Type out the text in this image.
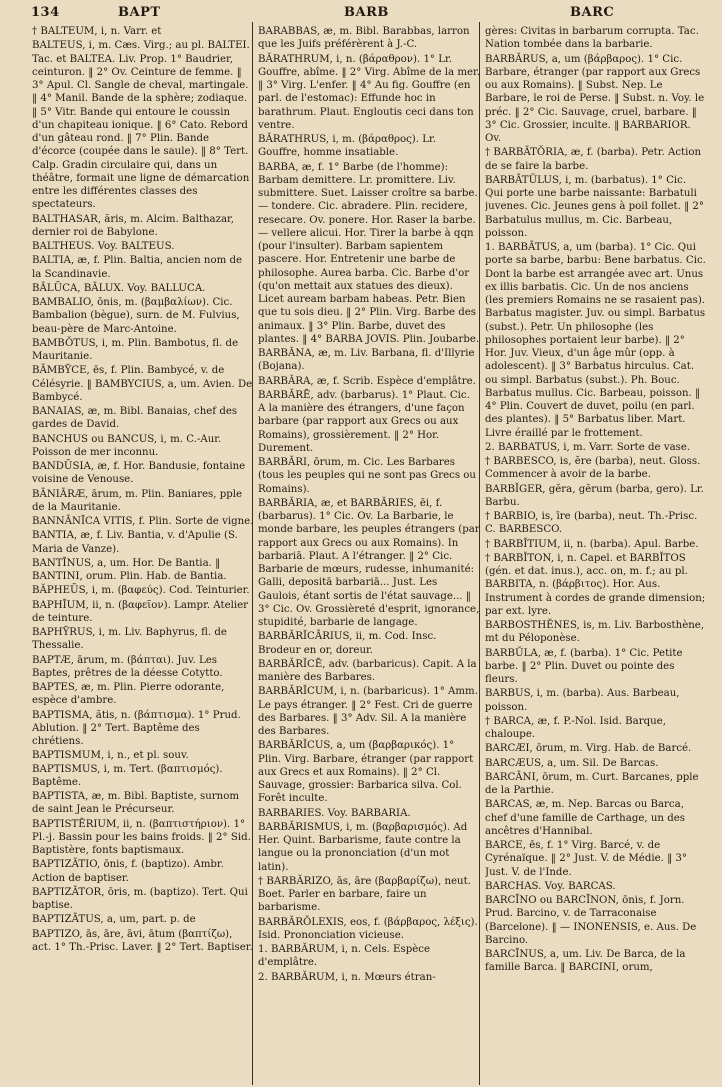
134	BAPT	BARB	BARC

† BALTEUM, i, n. Varr. et

BALTEUS, i, m. Cæs. Virg.; au pl. BALTEI. Tac. et BALTEA. Liv. Prop. 1° Baudrier, ceinturon. ‖ 2° Ov. Ceinture de femme. ‖ 3° Apul. Cl. Sangle de cheval, martingale. ‖ 4° Manil. Bande de la sphère; zodiaque. ‖ 5° Vitr. Bande qui entoure le coussin d'un chapiteau ionique. ‖ 6° Cato. Rebord d'un gâteau rond. ‖ 7° Plin. Bande d'écorce (coupée dans le saule). ‖ 8° Tert. Calp. Gradin circulaire qui, dans un théâtre, formait une ligne de démarcation entre les différentes classes des spectateurs.

BALTHASAR, ăris, m. Alcim. Balthazar, dernier roi de Babylone.

BALTHEUS. Voy. BALTEUS.

BALTIA, æ, f. Plin. Baltia, ancien nom de la Scandinavie.

BĀLŪCA, BĀLUX. Voy. BALLUCA.

BAMBALIO, ōnis, m. (βαμβαλίων). Cic. Bambalion (bègue), surn. de M. Fulvius, beau-père de Marc-Antoine.

BAMBŎTUS, i, m. Plin. Bambotus, fl. de Mauritanie.

BĀMBȲCE, ēs, f. Plin. Bambycé, v. de Célésyrie. ‖ BAMBYCIUS, a, um. Avien. De Bambycé.

BANAIAS, æ, m. Bibl. Banaias, chef des gardes de David.

BANCHUS ou BANCUS, i, m. C.-Aur. Poisson de mer inconnu.

BANDŪSIA, æ, f. Hor. Bandusie, fontaine voisine de Venouse.

BĀNIĀRÆ, ārum, m. Plin. Baniares, pple de la Mauritanie.

BANNĀNĪCA VITIS, f. Plin. Sorte de vigne.

BANTIA, æ, f. Liv. Bantia, v. d'Apulie (S. Maria de Vanze).

BANTĪNUS, a, um. Hor. De Bantia. ‖ BANTINI, orum. Plin. Hab. de Bantia.

BĂPHEŪS, i, m. (βαφεύς). Cod. Teinturier.

BAPHĪUM, ii, n. (βαφεῖον). Lampr. Atelier de teinture.

BAPHȲRUS, i, m. Liv. Baphyrus, fl. de Thessalie.

BAPTÆ, ārum, m. (βάπται). Juv. Les Baptes, prêtres de la déesse Cotytto.

BAPTES, æ, m. Plin. Pierre odorante, espèce d'ambre.

BAPTISMA, ătis, n. (βάπτισμα). 1° Prud. Ablution. ‖ 2° Tert. Baptême des chrétiens.

BAPTISMUM, i, n., et pl. souv. BAPTISMUS, i, m. Tert. (βαπτισμός). Baptême.

BAPTISTA, æ, m. Bibl. Baptiste, surnom de saint Jean le Précurseur.

BAPTISTĒRIUM, ii, n. (βαπτιστήριον). 1° Pl.-j. Bassin pour les bains froids. ‖ 2° Sid. Baptistère, fonts baptismaux.

BAPTIZĀTIO, ōnis, f. (baptizo). Ambr. Action de baptiser.

BAPTIZĀTOR, ōris, m. (baptizo). Tert. Qui baptise.

BAPTIZĀTUS, a, um, part. p. de

BAPTIZO, ās, āre, āvi, ātum (βαπτίζω), act. 1° Th.-Prisc. Laver. ‖ 2° Tert. Baptiser.

BARABBAS, æ, m. Bibl. Barabbas, larron que les Juifs préférèrent à J.-C.

BĂRATHRUM, i, n. (βάραθρον). 1° Lr. Gouffre, abîme. ‖ 2° Virg. Abîme de la mer. ‖ 3° Virg. L'enfer. ‖ 4° Au fig. Gouffre (en parl. de l'estomac): Effunde hoc in barathrum. Plaut. Engloutis ceci dans ton ventre.

BĂRATHRUS, i, m. (βάραθρος). Lr. Gouffre, homme insatiable.

BARBA, æ, f. 1° Barbe (de l'homme): Barbam demittere. Lr. promittere. Liv. submittere. Suet. Laisser croître sa barbe. — tondere. Cic. abradere. Plin. recidere, resecare. Ov. ponere. Hor. Raser la barbe. — vellere alicui. Hor. Tirer la barbe à qqn (pour l'insulter). Barbam sapientem pascere. Hor. Entretenir une barbe de philosophe. Aurea barba. Cic. Barbe d'or (qu'on mettait aux statues des dieux). Licet auream barbam habeas. Petr. Bien que tu sois dieu. ‖ 2° Plin. Virg. Barbe des animaux. ‖ 3° Plin. Barbe, duvet des plantes. ‖ 4° BARBA JOVIS. Plin. Joubarbe.

BARBĂNA, æ, m. Liv. Barbana, fl. d'Illyrie (Bojana).

BARBĂRA, æ, f. Scrib. Espèce d'emplâtre.

BARBĂRĒ, adv. (barbarus). 1° Plaut. Cic. A la manière des étrangers, d'une façon barbare (par rapport aux Grecs ou aux Romains), grossièrement. ‖ 2° Hor. Durement.

BARBĂRI, ōrum, m. Cic. Les Barbares (tous les peuples qui ne sont pas Grecs ou Romains).

BARBĂRIA, æ, et BARBĂRIES, ēi, f. (barbarus). 1° Cic. Ov. La Barbarie, le monde barbare, les peuples étrangers (par rapport aux Grecs ou aux Romains). In barbariā. Plaut. A l'étranger. ‖ 2° Cic. Barbarie de mœurs, rudesse, inhumanité: Galli, depositā barbariā... Just. Les Gaulois, étant sortis de l'état sauvage... ‖ 3° Cic. Ov. Grossièreté d'esprit, ignorance, stupidité, barbarie de langage.

BARBĂRĬCĀRIUS, ii, m. Cod. Insc. Brodeur en or, doreur.

BARBĂRĬCĒ, adv. (barbaricus). Capit. A la manière des Barbares.

BARBĂRĬCUM, i, n. (barbaricus). 1° Amm. Le pays étranger. ‖ 2° Fest. Cri de guerre des Barbares. ‖ 3° Adv. Sil. A la manière des Barbares.

BARBĂRĬCUS, a, um (βαρβαρικός). 1° Plin. Virg. Barbare, étranger (par rapport aux Grecs et aux Romains). ‖ 2° Cl. Sauvage, grossier: Barbarica silva. Col. Forêt inculte.

BARBARIES. Voy. BARBARIA.

BARBĂRISMUS, i, m. (βαρβαρισμός). Ad Her. Quint. Barbarisme, faute contre la langue ou la prononciation (d'un mot latin).

† BARBĂRIZO, ās, āre (βαρβαρίζω), neut. Boet. Parler en barbare, faire un barbarisme.

BARBĂRŎLEXIS, eos, f. (βάρβαρος, λέξις). Isid. Prononciation vicieuse.

1. BARBĂRUM, i, n. Cels. Espèce d'emplâtre.

2. BARBĂRUM, i, n. Mœurs étran-

gères: Civitas in barbarum corrupta. Tac. Nation tombée dans la barbarie.

BARBĂRUS, a, um (βάρβαρος). 1° Cic. Barbare, étranger (par rapport aux Grecs ou aux Romains). ‖ Subst. Nep. Le Barbare, le roi de Perse. ‖ Subst. n. Voy. le préc. ‖ 2° Cic. Sauvage, cruel, barbare. ‖ 3° Cic. Grossier, inculte. ‖ BARBARIOR. Ov.

† BARBĀTŎRIA, æ, f. (barba). Petr. Action de se faire la barbe.

BARBĀTŬLUS, i, m. (barbatus). 1° Cic. Qui porte une barbe naissante: Barbatuli juvenes. Cic. Jeunes gens à poil follet. ‖ 2° Barbatulus mullus, m. Cic. Barbeau, poisson.

1. BARBĀTUS, a, um (barba). 1° Cic. Qui porte sa barbe, barbu: Bene barbatus. Cic. Dont la barbe est arrangée avec art. Unus ex illis barbatis. Cic. Un de nos anciens (les premiers Romains ne se rasaient pas). Barbatus magister. Juv. ou simpl. Barbatus (subst.). Petr. Un philosophe (les philosophes portaient leur barbe). ‖ 2° Hor. Juv. Vieux, d'un âge mûr (opp. à adolescent). ‖ 3° Barbatus hirculus. Cat. ou simpl. Barbatus (subst.). Ph. Bouc. Barbatus mullus. Cic. Barbeau, poisson. ‖ 4° Plin. Couvert de duvet, poilu (en parl. des plantes). ‖ 5° Barbatus liber. Mart. Livre éraillé par le frottement.

2. BARBATUS, i, m. Varr. Sorte de vase.

† BARBESCO, is, ĕre (barba), neut. Gloss. Commencer à avoir de la barbe.

BARBĬGER, gĕra, gĕrum (barba, gero). Lr. Barbu.

† BARBIO, is, īre (barba), neut. Th.-Prisc. C. BARBESCO.

† BARBĬTIUM, ii, n. (barba). Apul. Barbe.

† BARBĬTON, i, n. Capel. et BARBĬTOS (gén. et dat. inus.), acc. on, m. f.; au pl. BARBITA, n. (βάρβιτος). Hor. Aus. Instrument à cordes de grande dimension; par ext. lyre.

BARBOSTHĔNES, is, m. Liv. Barbosthène, mt du Péloponèse.

BARBŬLA, æ, f. (barba). 1° Cic. Petite barbe. ‖ 2° Plin. Duvet ou pointe des fleurs.

BARBUS, i, m. (barba). Aus. Barbeau, poisson.

† BARCA, æ, f. P.-Nol. Isid. Barque, chaloupe.

BARCÆI, ōrum, m. Virg. Hab. de Barcé.

BARCÆUS, a, um. Sil. De Barcas.

BARCĀNI, ōrum, m. Curt. Barcanes, pple de la Parthie.

BARCAS, æ, m. Nep. Barcas ou Barca, chef d'une famille de Carthage, un des ancêtres d'Hannibal.

BARCE, ēs, f. 1° Virg. Barcé, v. de Cyrénaïque. ‖ 2° Just. V. de Médie. ‖ 3° Just. V. de l'Inde.

BARCHAS. Voy. BARCAS.

BARCĪNO ou BARCĪNON, ōnis, f. Jorn. Prud. Barcino, v. de Tarraconaise (Barcelone). ‖ — INONENSIS, e. Aus. De Barcino.

BARCĪNUS, a, um. Liv. De Barca, de la famille Barca. ‖ BARCINI, orum,
